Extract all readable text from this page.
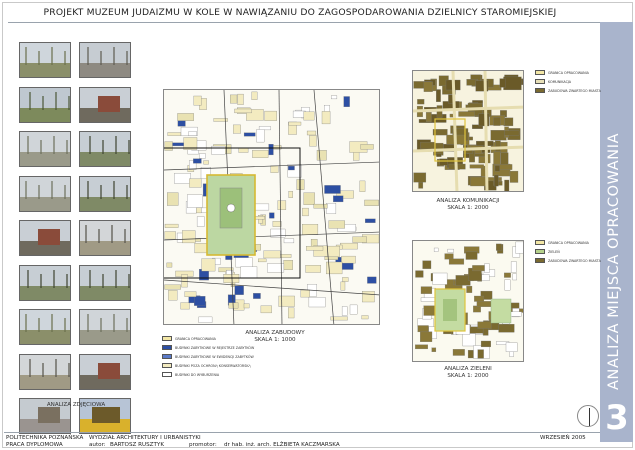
PROJEKT MUZEUM JUDAIZMU W KOLE W NAWIĄZANIU DO ZAGOSPODAROWANIA DZIELNICY STAROMIEJSKIEJ
ANALIZA MIEJSCA OPRACOWANIA
3
ANALIZA ZDJĘCIOWA
GRANICA OPRACOWANIA
BUDYNKI ZABYTKOWE W REJESTRZE ZABYTKÓW
BUDYNKI ZABYTKOWE W EWIDENCJI ZABYTKÓW
BUDYNKI POZA OCHRONĄ KONSERWATORSKĄ
BUDYNKI DO WYBURZENIA
ANALIZA ZABUDOWY
SKALA 1: 1000
GRANICA OPRACOWANIA
KOMUNIKACJA
ZABUDOWA ZWARTEGO MIASTA
ANALIZA KOMUNIKACJI
SKALA 1: 2000
GRANICA OPRACOWANIA
ZIELEŃ
ZABUDOWA ZWARTEGO MIASTA
ANALIZA ZIELENI
SKALA 1: 2000
POLITECHNIKA POZNAŃSKA WYDZIAŁ ARCHITEKTURY I URBANISTYKI
PRACA DYPLOMOWA	autor: BARTOSZ RUSZTYK	promotor: dr hab. inż. arch. ELŻBIETA KACZMARSKA
WRZESIEŃ 2005
